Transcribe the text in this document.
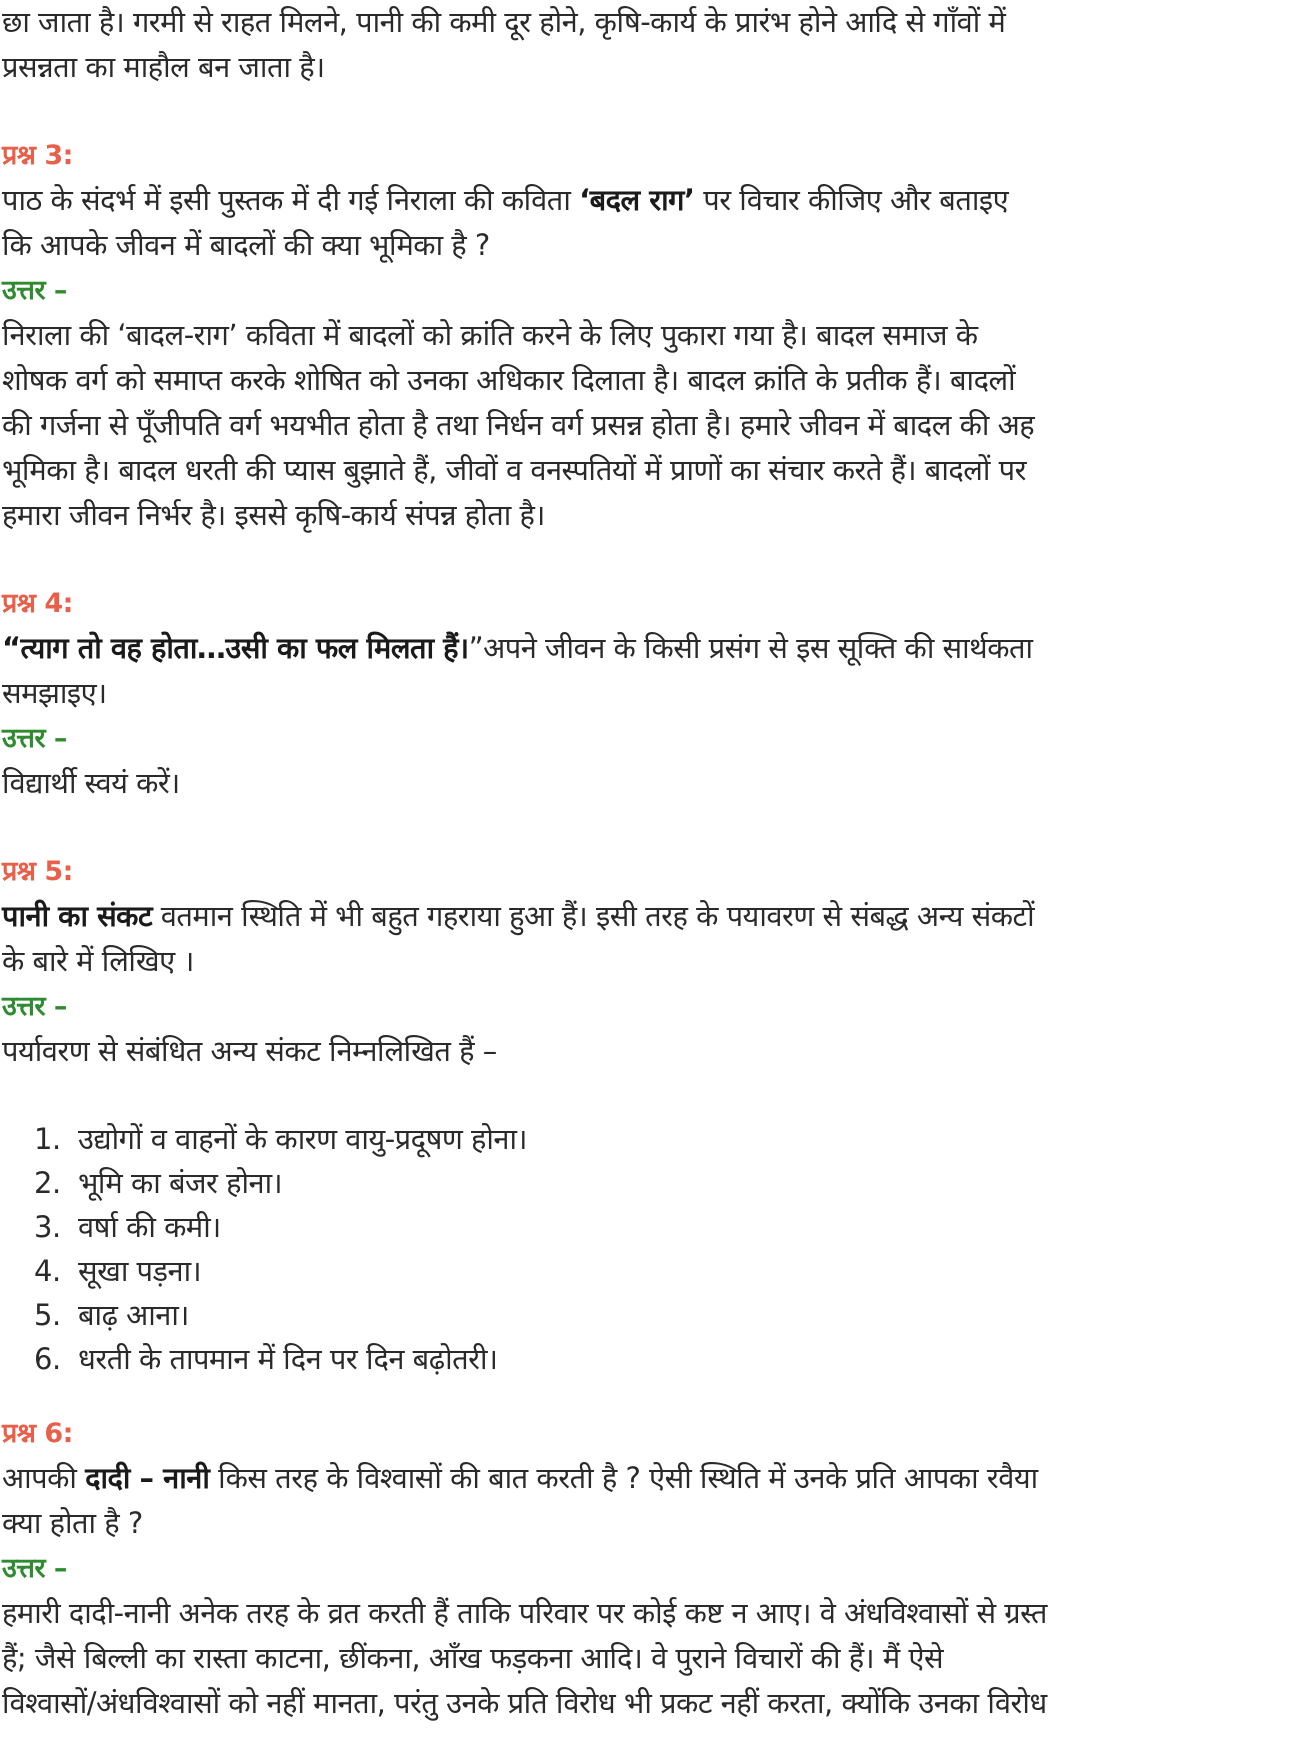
छा जाता है। गरमी से राहत मिलने, पानी की कमी दूर होने, कृषि-कार्य के प्रारंभ होने आदि से गाँवों में

प्रसन्नता का माहौल बन जाता है।

प्रश्न 3:

पाठ के संदर्भ में इसी पुस्तक में दी गई निराला की कविता ‘बदल राग’ पर विचार कीजिए और बताइए

कि आपके जीवन में बादलों की क्या भूमिका है ?

उत्तर –

निराला की ‘बादल-राग’ कविता में बादलों को क्रांति करने के लिए पुकारा गया है। बादल समाज के

शोषक वर्ग को समाप्त करके शोषित को उनका अधिकार दिलाता है। बादल क्रांति के प्रतीक हैं। बादलों

की गर्जना से पूँजीपति वर्ग भयभीत होता है तथा निर्धन वर्ग प्रसन्न होता है। हमारे जीवन में बादल की अह

भूमिका है। बादल धरती की प्यास बुझाते हैं, जीवों व वनस्पतियों में प्राणों का संचार करते हैं। बादलों पर

हमारा जीवन निर्भर है। इससे कृषि-कार्य संपन्न होता है।

प्रश्न 4:

“त्याग तो वह होता…उसी का फल मिलता हैं।”अपने जीवन के किसी प्रसंग से इस सूक्ति की सार्थकता

समझाइए।

उत्तर –

विद्यार्थी स्वयं करें।

प्रश्न 5:

पानी का संकट वतमान स्थिति में भी बहुत गहराया हुआ हैं। इसी तरह के पयावरण से संबद्ध अन्य संकटों

के बारे में लिखिए ।

उत्तर –

पर्यावरण से संबंधित अन्य संकट निम्नलिखित हैं –

1. उद्योगों व वाहनों के कारण वायु-प्रदूषण होना।
2. भूमि का बंजर होना।
3. वर्षा की कमी।
4. सूखा पड़ना।
5. बाढ़ आना।
6. धरती के तापमान में दिन पर दिन बढ़ोतरी।

प्रश्न 6:

आपकी दादी – नानी किस तरह के विश्वासों की बात करती है ? ऐसी स्थिति में उनके प्रति आपका रवैया

क्या होता है ?

उत्तर –

हमारी दादी-नानी अनेक तरह के व्रत करती हैं ताकि परिवार पर कोई कष्ट न आए। वे अंधविश्वासों से ग्रस्त

हैं; जैसे बिल्ली का रास्ता काटना, छींकना, आँख फड़कना आदि। वे पुराने विचारों की हैं। मैं ऐसे

विश्वासों/अंधविश्वासों को नहीं मानता, परंतु उनके प्रति विरोध भी प्रकट नहीं करता, क्योंकि उनका विरोध
